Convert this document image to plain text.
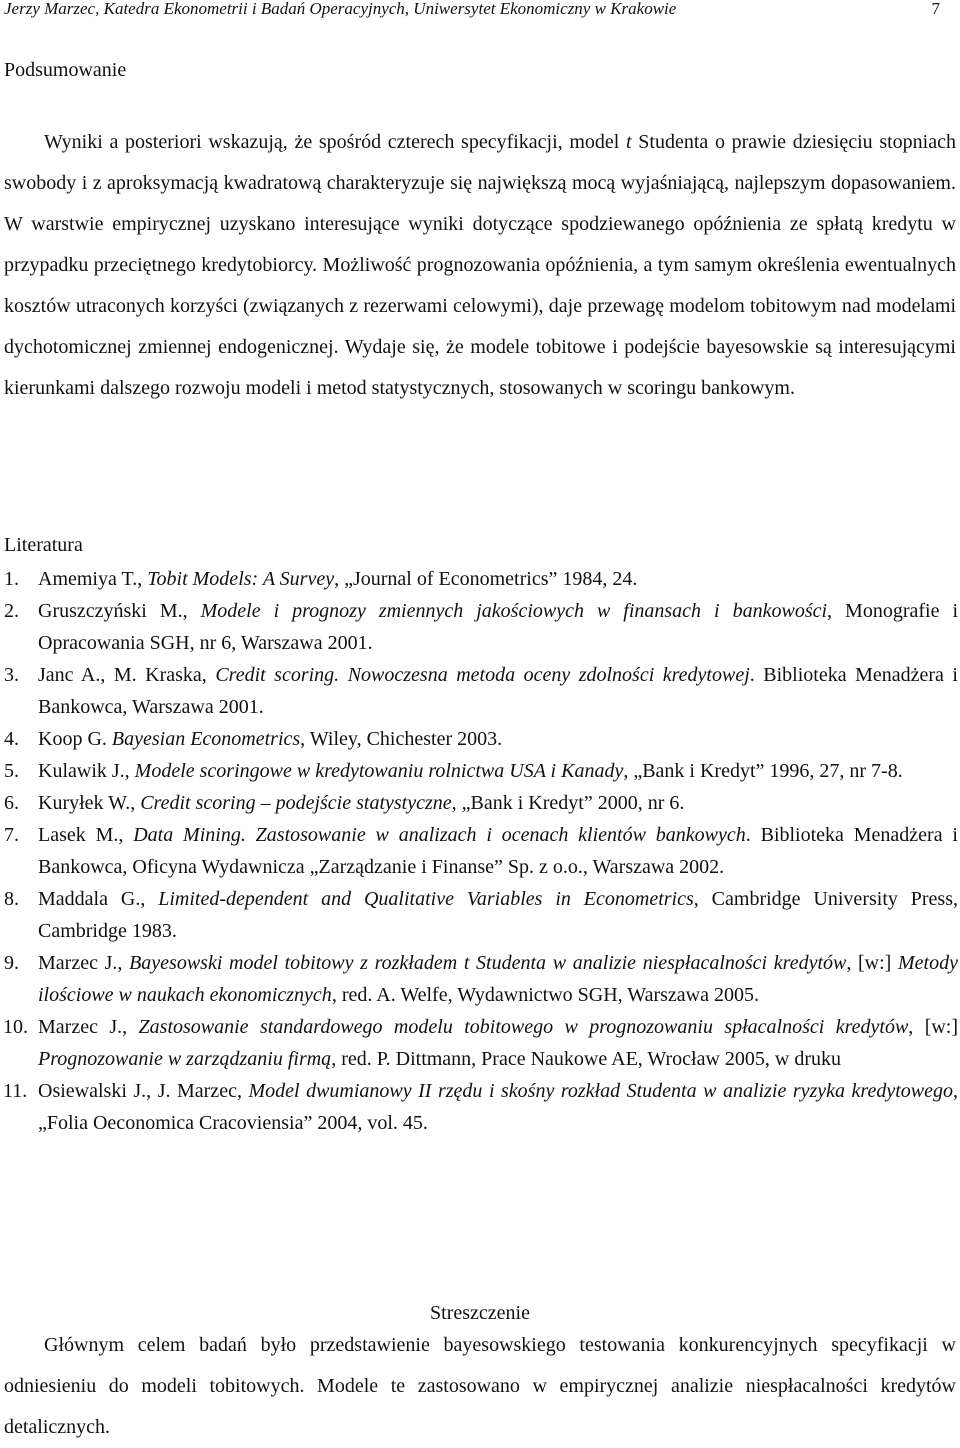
Jerzy Marzec, Katedra Ekonometrii i Badań Operacyjnych, Uniwersytet Ekonomiczny w Krakowie	7
Podsumowanie
Wyniki a posteriori wskazują, że spośród czterech specyfikacji, model t Studenta o prawie dziesięciu stopniach swobody i z aproksymacją kwadratową charakteryzuje się największą mocą wyjaśniającą, najlepszym dopasowaniem. W warstwie empirycznej uzyskano interesujące wyniki dotyczące spodziewanego opóźnienia ze spłatą kredytu w przypadku przeciętnego kredytobiorcy. Możliwość prognozowania opóźnienia, a tym samym określenia ewentualnych kosztów utraconych korzyści (związanych z rezerwami celowymi), daje przewagę modelom tobitowym nad modelami dychotomicznej zmiennej endogenicznej. Wydaje się, że modele tobitowe i podejście bayesowskie są interesującymi kierunkami dalszego rozwoju modeli i metod statystycznych, stosowanych w scoringu bankowym.
Literatura
1. Amemiya T., Tobit Models: A Survey, „Journal of Econometrics” 1984, 24.
2. Gruszczyński M., Modele i prognozy zmiennych jakościowych w finansach i bankowości, Monografie i Opracowania SGH, nr 6, Warszawa 2001.
3. Janc A., M. Kraska, Credit scoring. Nowoczesna metoda oceny zdolności kredytowej. Biblioteka Menadżera i Bankowca, Warszawa 2001.
4. Koop G. Bayesian Econometrics, Wiley, Chichester 2003.
5. Kulawik J., Modele scoringowe w kredytowaniu rolnictwa USA i Kanady, „Bank i Kredyt” 1996, 27, nr 7-8.
6. Kuryłek W., Credit scoring – podejście statystyczne, „Bank i Kredyt” 2000, nr 6.
7. Lasek M., Data Mining. Zastosowanie w analizach i ocenach klientów bankowych. Biblioteka Menadżera i Bankowca, Oficyna Wydawnicza „Zarządzanie i Finanse” Sp. z o.o., Warszawa 2002.
8. Maddala G., Limited-dependent and Qualitative Variables in Econometrics, Cambridge University Press, Cambridge 1983.
9. Marzec J., Bayesowski model tobitowy z rozkładem t Studenta w analizie niespłacalności kredytów, [w:] Metody ilościowe w naukach ekonomicznych, red. A. Welfe, Wydawnictwo SGH, Warszawa 2005.
10. Marzec J., Zastosowanie standardowego modelu tobitowego w prognozowaniu spłacalności kredytów, [w:] Prognozowanie w zarządzaniu firmą, red. P. Dittmann, Prace Naukowe AE, Wrocław 2005, w druku
11. Osiewalski J., J. Marzec, Model dwumianowy II rzędu i skośny rozkład Studenta w analizie ryzyka kredytowego, „Folia Oeconomica Cracoviensia” 2004, vol. 45.
Streszczenie
Głównym celem badań było przedstawienie bayesowskiego testowania konkurencyjnych specyfikacji w odniesieniu do modeli tobitowych. Modele te zastosowano w empirycznej analizie niespłacalności kredytów detalicznych.
